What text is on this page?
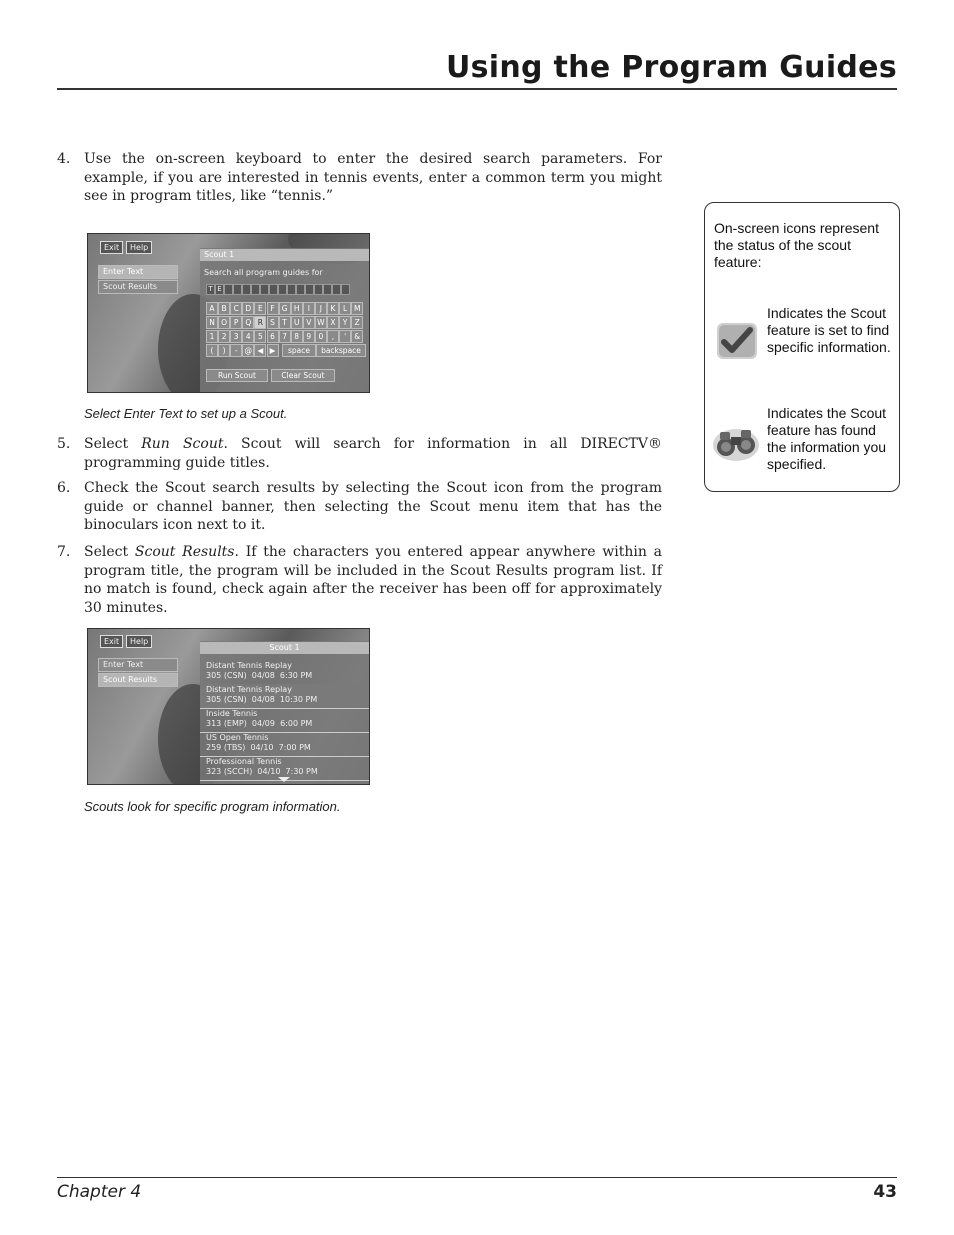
Using the Program Guides
4. Use the on-screen keyboard to enter the desired search parameters. For example, if you are interested in tennis events, enter a common term you might see in program titles, like “tennis.”
Exit	Help
Enter Text
Scout Results
Scout 1
Search all program guides for
T E
A B C D E	F G H	I	J	K	L M
N O P Q R S T U V W X Y Z
1 2 3 4 5 6 7 8 9 0	,	'	&
(	)	- @ ◀ ▶	space	backspace
Run Scout	Clear Scout
Select Enter Text to set up a Scout.
5. Select Run Scout. Scout will search for information in all DIRECTV® programming guide titles.
6. Check the Scout search results by selecting the Scout icon from the program guide or channel banner, then selecting the Scout menu item that has the binoculars icon next to it.
7. Select Scout Results. If the characters you entered appear anywhere within a program title, the program will be included in the Scout Results program list. If no match is found, check again after the receiver has been off for approximately 30 minutes.
Exit	Help
Enter Text
Scout Results
Scout 1
Distant Tennis Replay
305 (CSN)  04/08  6:30 PM
Distant Tennis Replay
305 (CSN)  04/08  10:30 PM
Inside Tennis
313 (EMP)  04/09  6:00 PM
US Open Tennis
259 (TBS)  04/10  7:00 PM
Professional Tennis
323 (SCCH)  04/10  7:30 PM
Scouts look for specific program information.
On-screen icons represent the status of the scout feature:
Indicates the Scout feature is set to find specific information.
Indicates the Scout feature has found the information you specified.
Chapter 4	43
